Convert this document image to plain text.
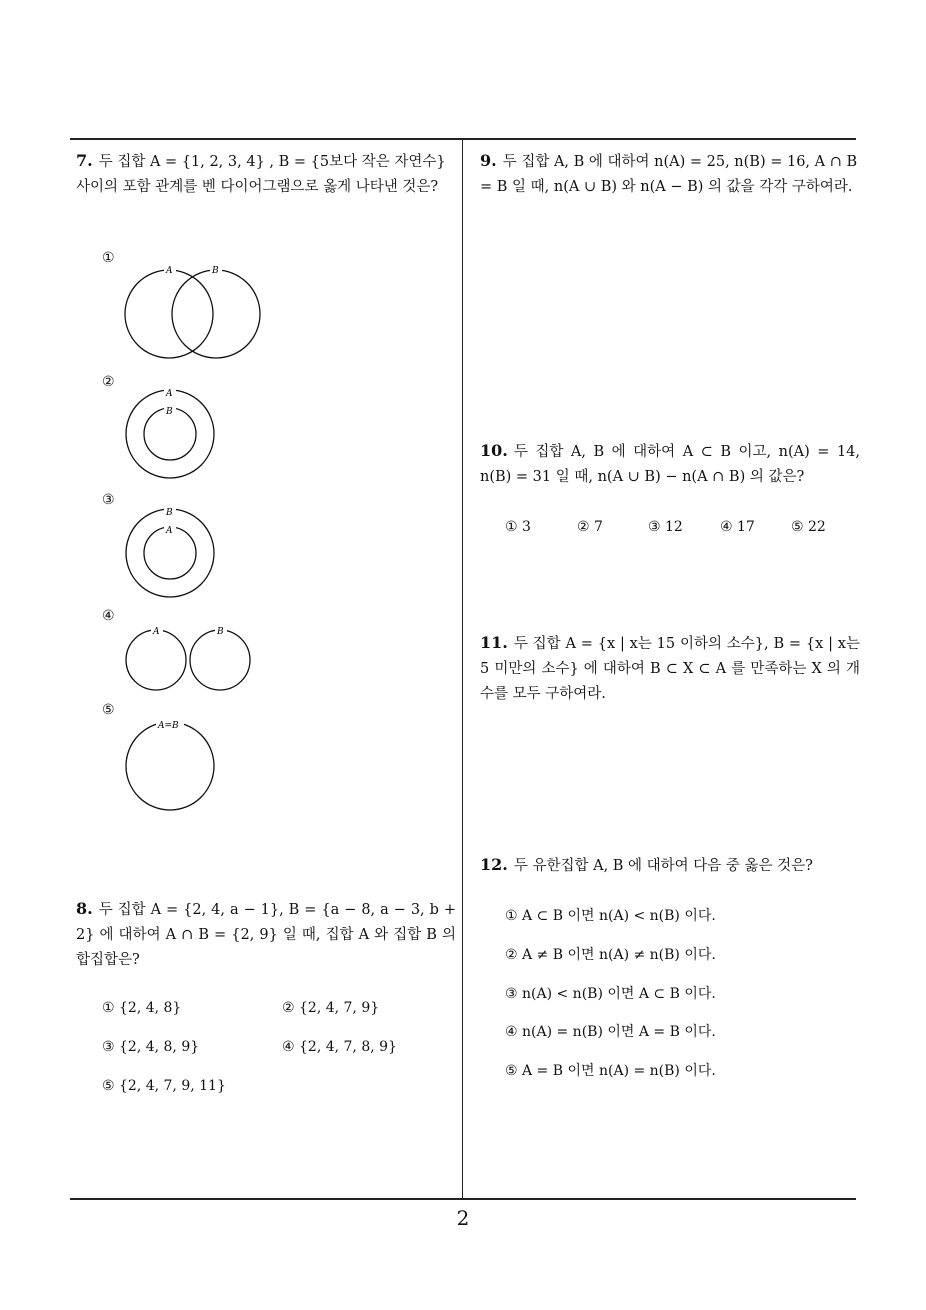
7. 두 집합 A = {1, 2, 3, 4} , B = {5보다 작은 자연수} 사이의 포함 관계를 벤 다이어그램으로 옳게 나타낸 것은?
①
A	B
②
A
B
③
B
A
④
A	B
⑤
A=B
8. 두 집합 A = {2, 4, a − 1}, B = {a − 8, a − 3, b + 2} 에 대하여 A ∩ B = {2, 9} 일 때, 집합 A 와 집합 B 의 합집합은?
① {2, 4, 8}	② {2, 4, 7, 9}
③ {2, 4, 8, 9}	④ {2, 4, 7, 8, 9}
⑤ {2, 4, 7, 9, 11}
9. 두 집합 A, B 에 대하여 n(A) = 25, n(B) = 16, A ∩ B = B 일 때, n(A ∪ B) 와 n(A − B) 의 값을 각각 구하여라.
10. 두 집합 A, B 에 대하여 A ⊂ B 이고, n(A) = 14, n(B) = 31 일 때, n(A ∪ B) − n(A ∩ B) 의 값은?
① 3	② 7	③ 12	④ 17	⑤ 22
11. 두 집합 A = {x | x는 15 이하의 소수}, B = {x | x는 5 미만의 소수} 에 대하여 B ⊂ X ⊂ A 를 만족하는 X 의 개수를 모두 구하여라.
12. 두 유한집합 A, B 에 대하여 다음 중 옳은 것은?
① A ⊂ B 이면 n(A) < n(B) 이다.
② A ≠ B 이면 n(A) ≠ n(B) 이다.
③ n(A) < n(B) 이면 A ⊂ B 이다.
④ n(A) = n(B) 이면 A = B 이다.
⑤ A = B 이면 n(A) = n(B) 이다.
2
